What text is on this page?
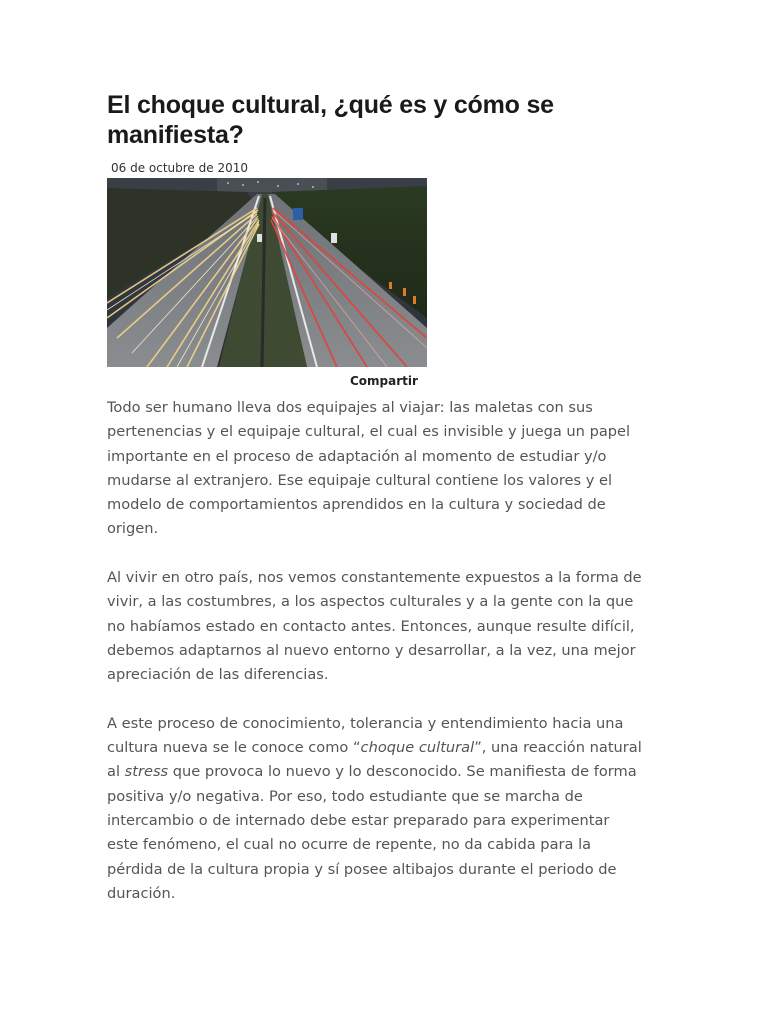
El choque cultural, ¿qué es y cómo se manifiesta?
06 de octubre de 2010
Compartir

Todo ser humano lleva dos equipajes al viajar: las maletas con sus
pertenencias y el equipaje cultural, el cual es invisible y juega un papel
importante en el proceso de adaptación al momento de estudiar y/o
mudarse al extranjero. Ese equipaje cultural contiene los valores y el
modelo de comportamientos aprendidos en la cultura y sociedad de
origen.

Al vivir en otro país, nos vemos constantemente expuestos a la forma de
vivir, a las costumbres, a los aspectos culturales y a la gente con la que
no habíamos estado en contacto antes. Entonces, aunque resulte difícil,
debemos adaptarnos al nuevo entorno y desarrollar, a la vez, una mejor
apreciación de las diferencias.

A este proceso de conocimiento, tolerancia y entendimiento hacia una
cultura nueva se le conoce como “choque cultural”, una reacción natural
al stress que provoca lo nuevo y lo desconocido. Se manifiesta de forma
positiva y/o negativa. Por eso, todo estudiante que se marcha de
intercambio o de internado debe estar preparado para experimentar
este fenómeno, el cual no ocurre de repente, no da cabida para la
pérdida de la cultura propia y sí posee altibajos durante el periodo de
duración.
